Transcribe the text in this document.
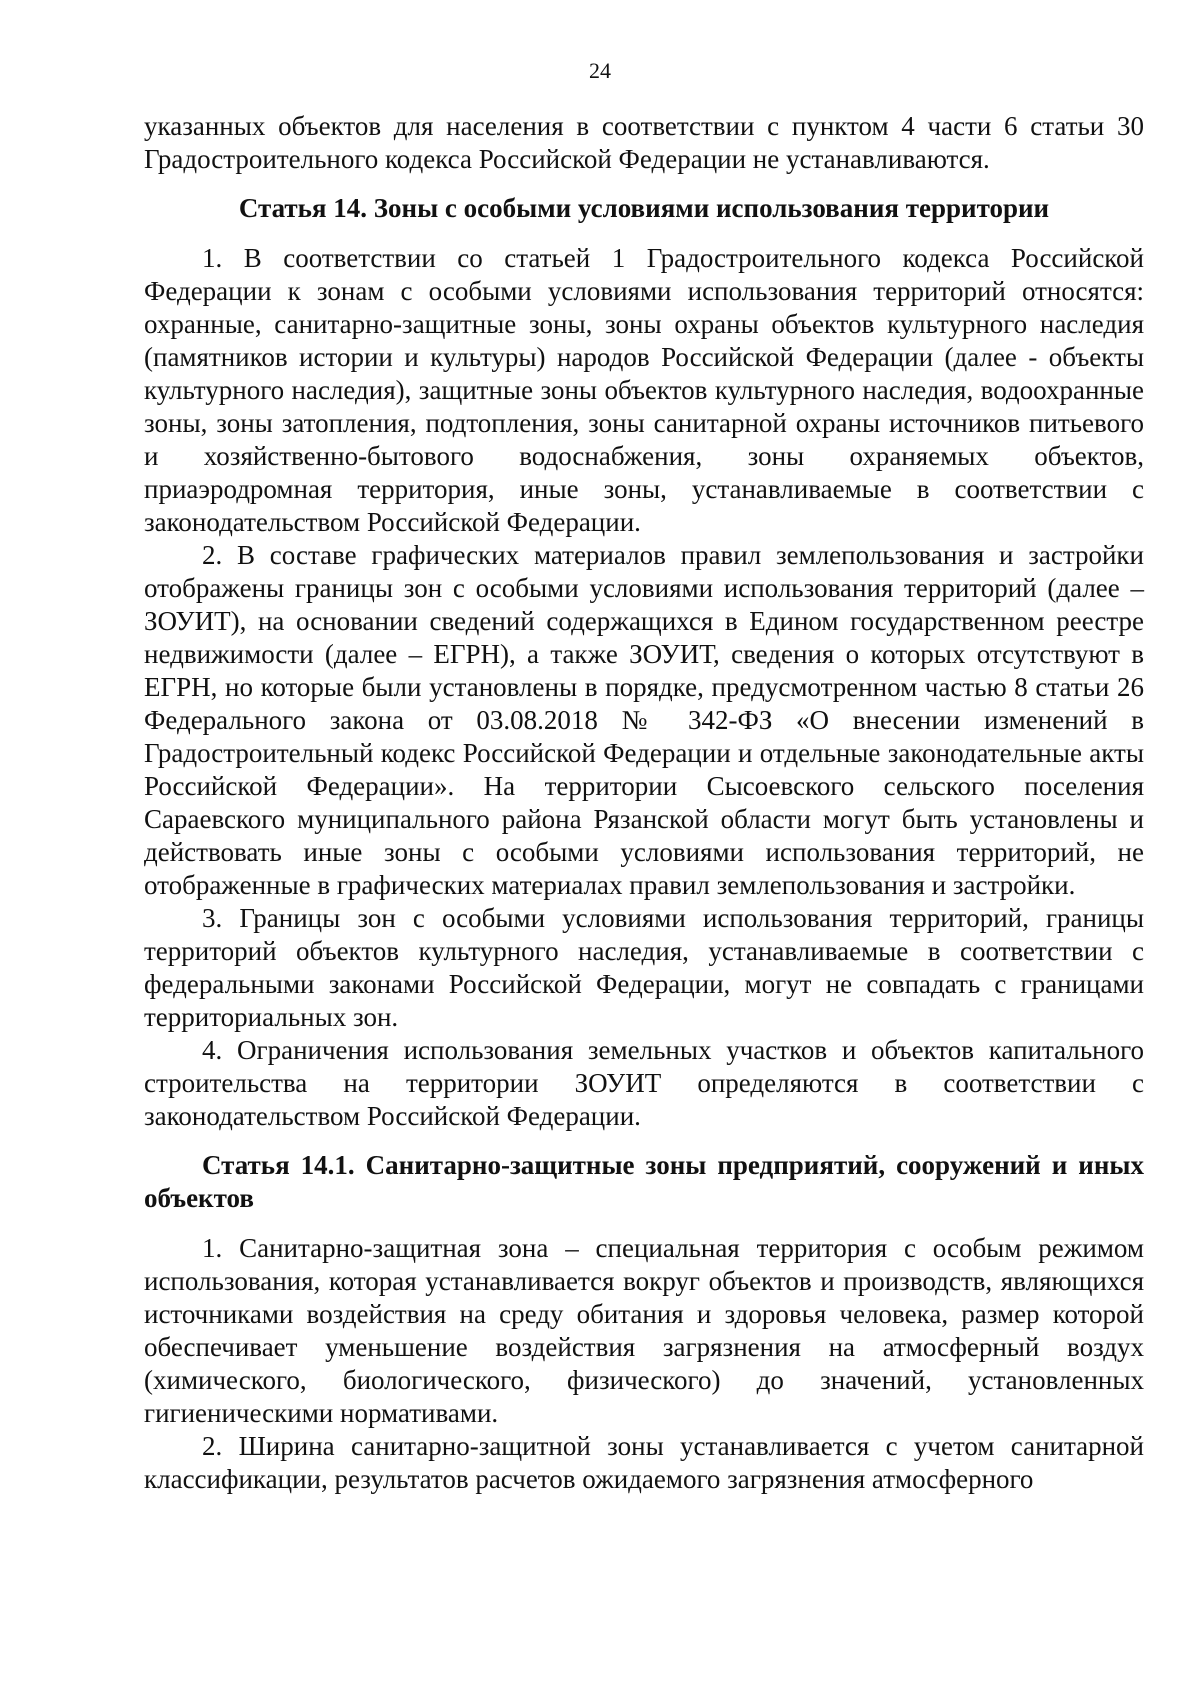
24

указанных объектов для населения в соответствии с пунктом 4 части 6 статьи 30 Градостроительного кодекса Российской Федерации не устанавливаются.

Статья 14. Зоны с особыми условиями использования территории

1. В соответствии со статьей 1 Градостроительного кодекса Российской Федерации к зонам с особыми условиями использования территорий относятся: охранные, санитарно-защитные зоны, зоны охраны объектов культурного наследия (памятников истории и культуры) народов Российской Федерации (далее - объекты культурного наследия), защитные зоны объектов культурного наследия, водоохранные зоны, зоны затопления, подтопления, зоны санитарной охраны источников питьевого и хозяйственно-бытового водоснабжения, зоны охраняемых объектов, приаэродромная территория, иные зоны, устанавливаемые в соответствии с законодательством Российской Федерации.

2. В составе графических материалов правил землепользования и застройки отображены границы зон с особыми условиями использования территорий (далее – ЗОУИТ), на основании сведений содержащихся в Едином государственном реестре недвижимости (далее – ЕГРН), а также ЗОУИТ, сведения о которых отсутствуют в ЕГРН, но которые были установлены в порядке, предусмотренном частью 8 статьи 26 Федерального закона от 03.08.2018 № 342-ФЗ «О внесении изменений в Градостроительный кодекс Российской Федерации и отдельные законодательные акты Российской Федерации». На территории Сысоевского сельского поселения Сараевского муниципального района Рязанской области могут быть установлены и действовать иные зоны с особыми условиями использования территорий, не отображенные в графических материалах правил землепользования и застройки.

3. Границы зон с особыми условиями использования территорий, границы территорий объектов культурного наследия, устанавливаемые в соответствии с федеральными законами Российской Федерации, могут не совпадать с границами территориальных зон.

4. Ограничения использования земельных участков и объектов капитального строительства на территории ЗОУИТ определяются в соответствии с законодательством Российской Федерации.

Статья 14.1. Санитарно-защитные зоны предприятий, сооружений и иных объектов

1. Санитарно-защитная зона – специальная территория с особым режимом использования, которая устанавливается вокруг объектов и производств, являющихся источниками воздействия на среду обитания и здоровья человека, размер которой обеспечивает уменьшение воздействия загрязнения на атмосферный воздух (химического, биологического, физического) до значений, установленных гигиеническими нормативами.

2. Ширина санитарно-защитной зоны устанавливается с учетом санитарной классификации, результатов расчетов ожидаемого загрязнения атмосферного
